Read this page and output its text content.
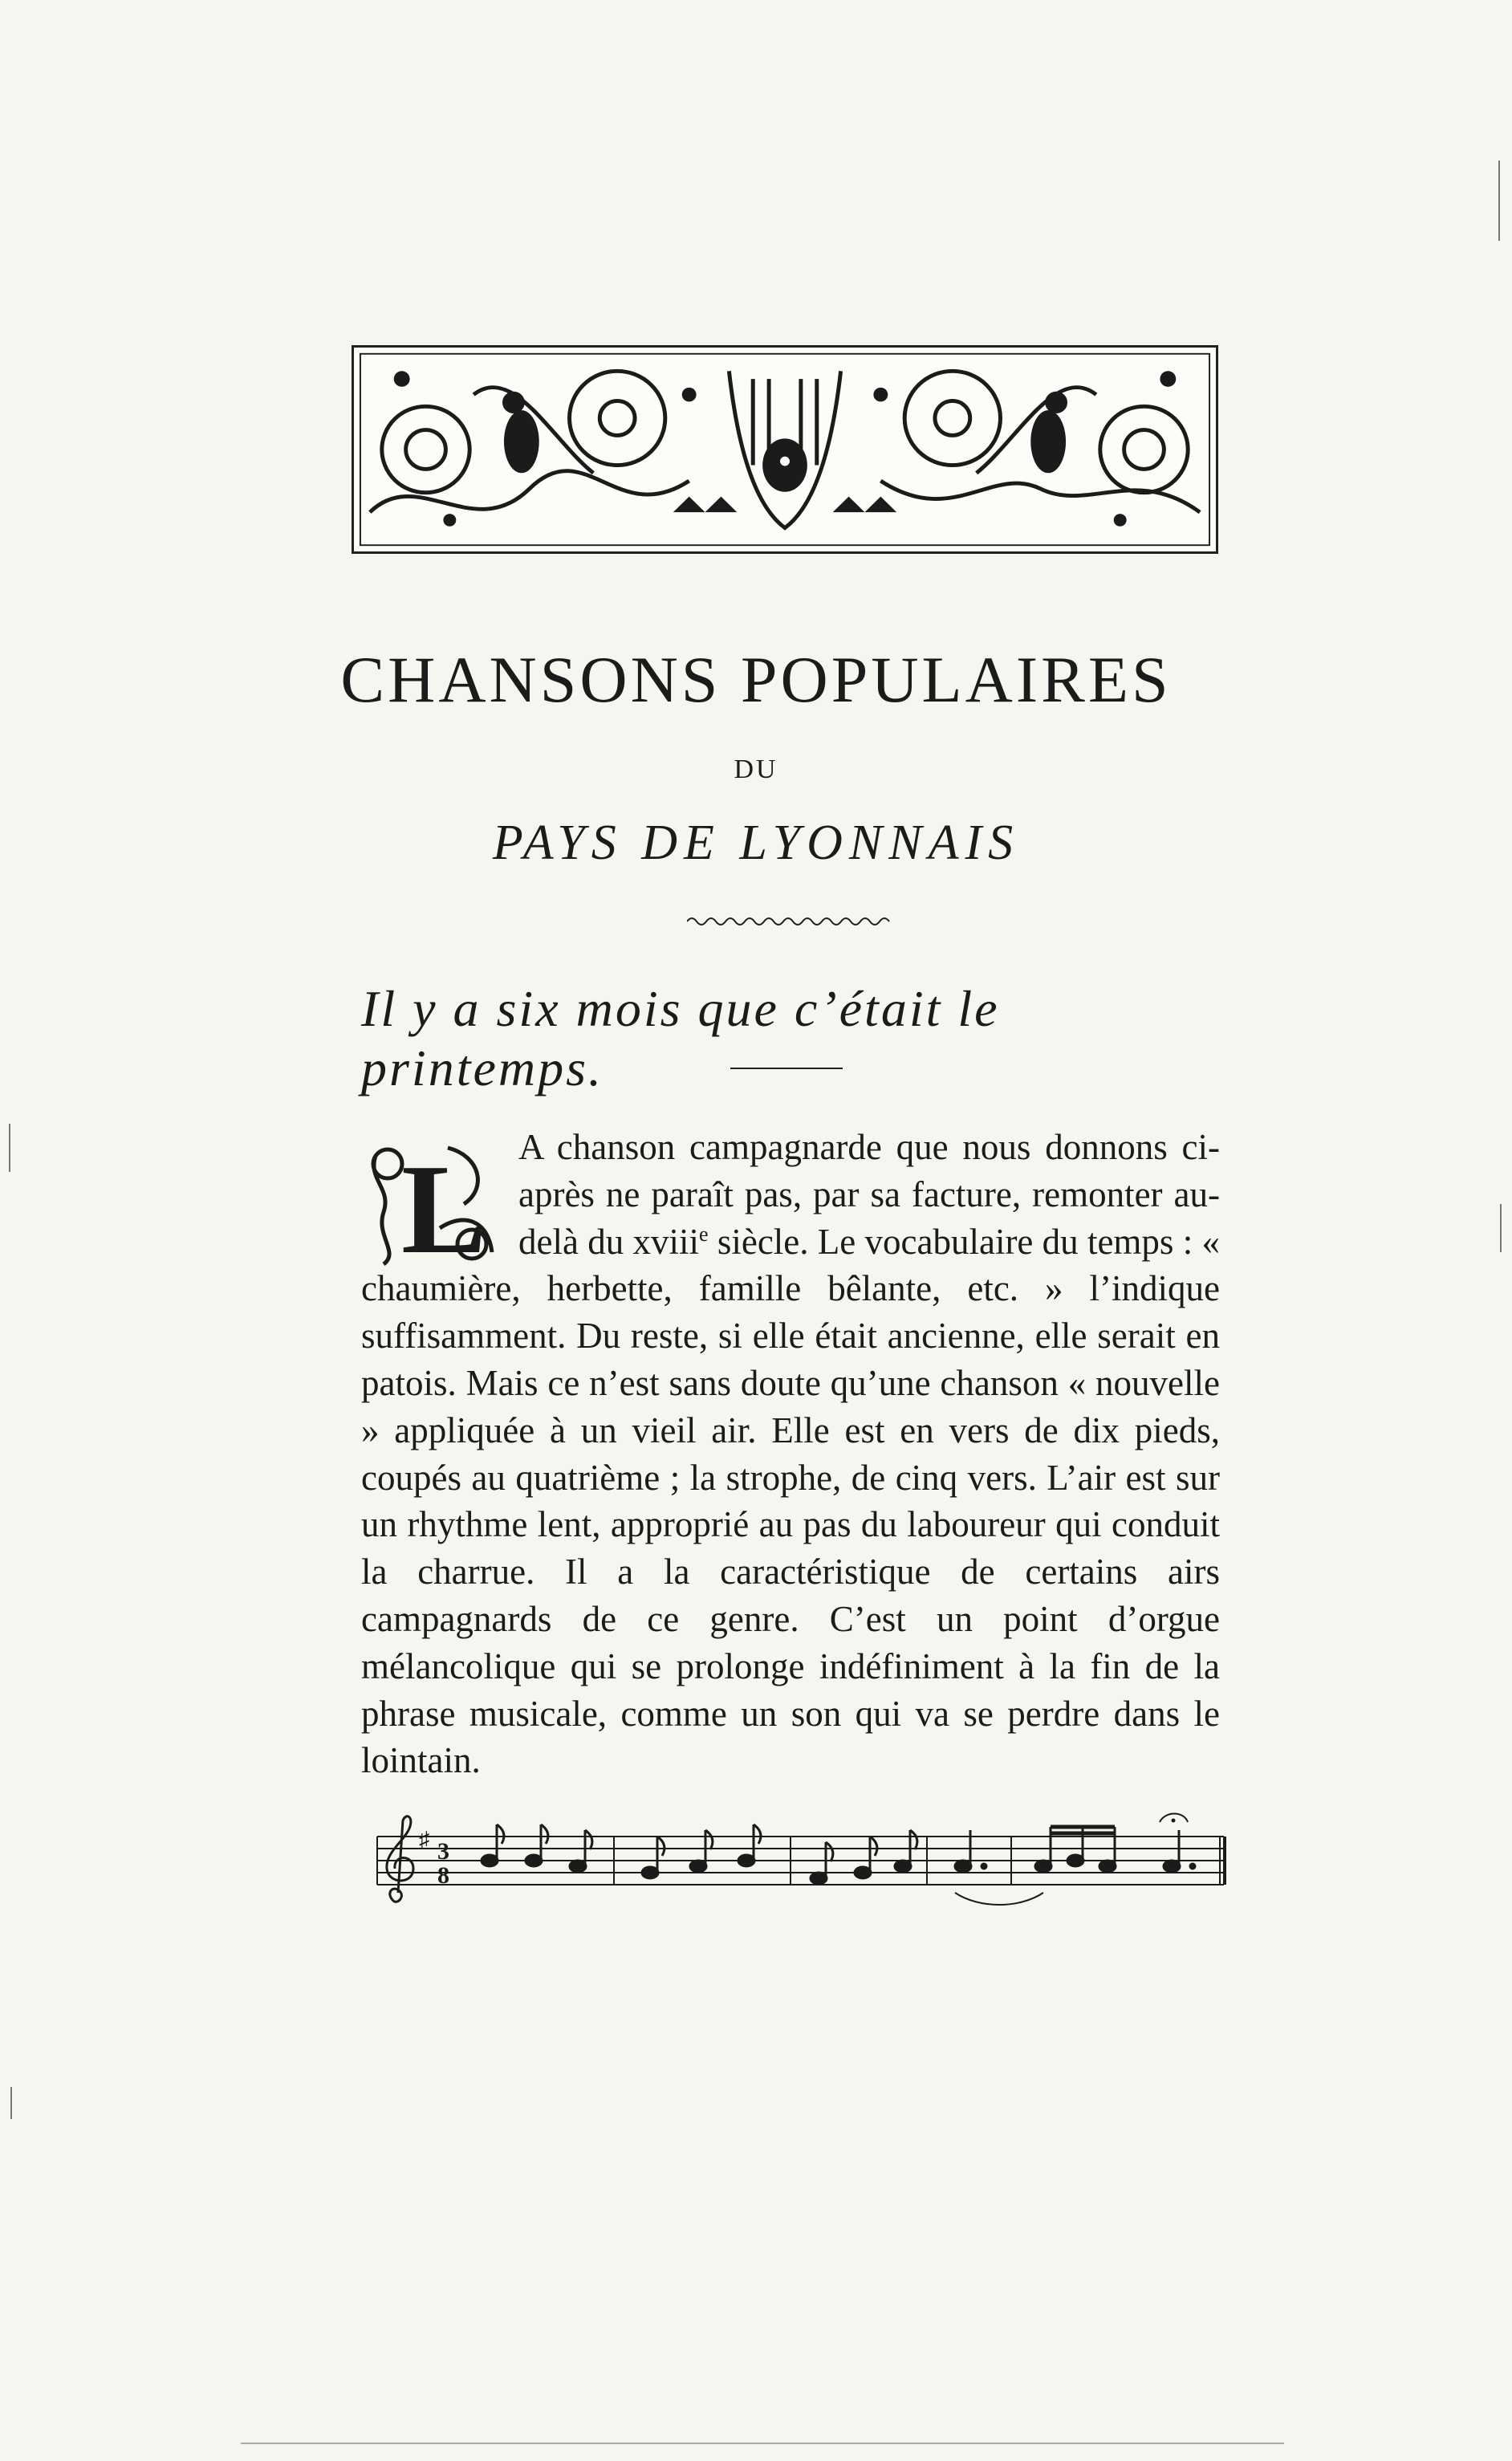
CHANSONS POPULAIRES
DU
PAYS DE LYONNAIS
Il y a six mois que c’était le printemps.
L A chanson campagnarde que nous donnons ci-après ne paraît pas, par sa facture, remonter au-delà du xviii$^e$ siècle. Le vocabulaire du temps : « chaumière, herbette, famille bêlante, etc. » l’indique suffisamment. Du reste, si elle était ancienne, elle serait en patois. Mais ce n’est sans doute qu’une chanson « nouvelle » appliquée à un vieil air. Elle est en vers de dix pieds, coupés au quatrième ; la strophe, de cinq vers. L’air est sur un rhythme lent, approprié au pas du laboureur qui conduit la charrue. Il a la caractéristique de certains airs campagnards de ce genre. C’est un point d’orgue mélancolique qui se prolonge indéfiniment à la fin de la phrase musicale, comme un son qui va se perdre dans le lointain.
♯ 3
8
